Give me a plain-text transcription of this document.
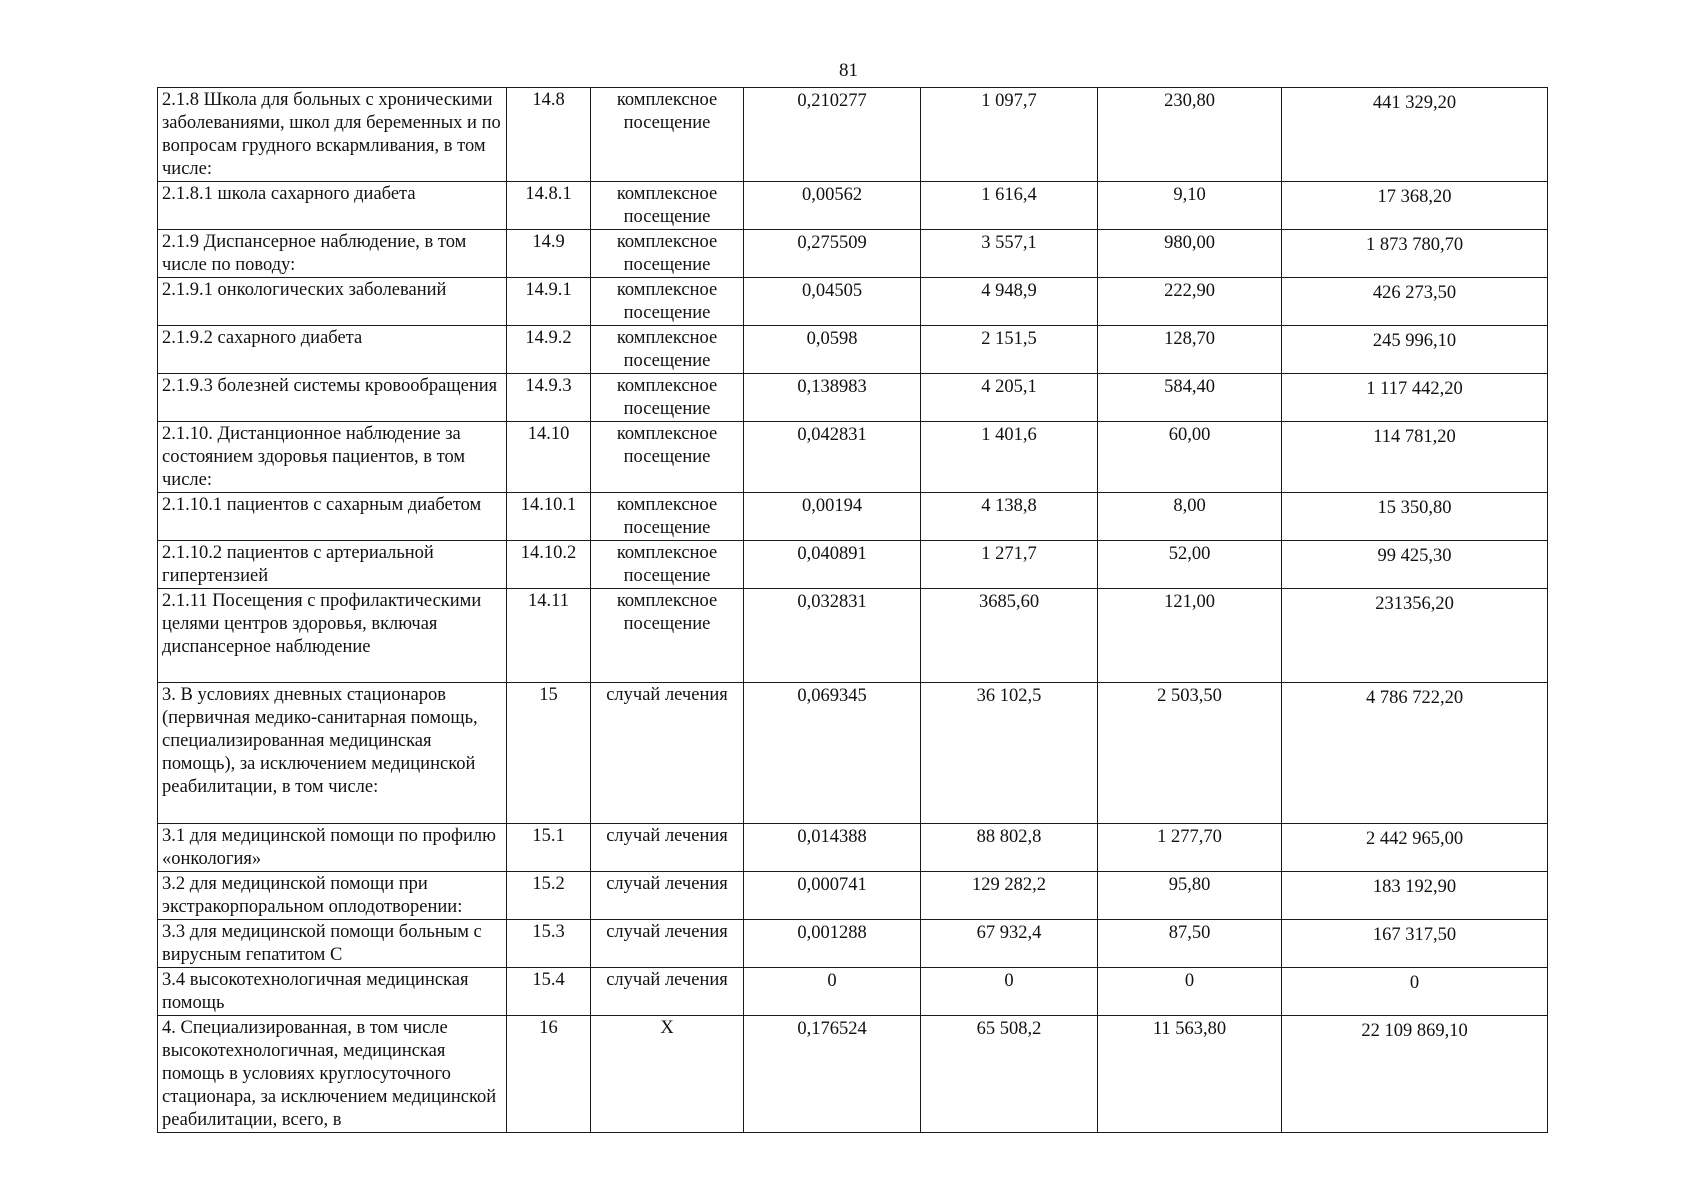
81
2.1.8 Школа для больных с хроническими заболеваниями, школ для беременных и по вопросам грудного вскармливания, в том числе:	14.8	комплексное посещение	0,210277	1 097,7	230,80	441 329,20
2.1.8.1 школа сахарного диабета	14.8.1	комплексное посещение	0,00562	1 616,4	9,10	17 368,20
2.1.9 Диспансерное наблюдение, в том числе по поводу:	14.9	комплексное посещение	0,275509	3 557,1	980,00	1 873 780,70
2.1.9.1 онкологических заболеваний	14.9.1	комплексное посещение	0,04505	4 948,9	222,90	426 273,50
2.1.9.2 сахарного диабета	14.9.2	комплексное посещение	0,0598	2 151,5	128,70	245 996,10
2.1.9.3 болезней системы кровообращения	14.9.3	комплексное посещение	0,138983	4 205,1	584,40	1 117 442,20
2.1.10. Дистанционное наблюдение за состоянием здоровья пациентов, в том числе:	14.10	комплексное посещение	0,042831	1 401,6	60,00	114 781,20
2.1.10.1 пациентов с сахарным диабетом	14.10.1	комплексное посещение	0,00194	4 138,8	8,00	15 350,80
2.1.10.2 пациентов с артериальной гипертензией	14.10.2	комплексное посещение	0,040891	1 271,7	52,00	99 425,30
2.1.11 Посещения с профилактическими целями центров здоровья, включая диспансерное наблюдение	14.11	комплексное посещение	0,032831	3685,60	121,00	231356,20
3. В условиях дневных стационаров (первичная медико-санитарная помощь, специализированная медицинская помощь), за исключением медицинской реабилитации, в том числе:	15	случай лечения	0,069345	36 102,5	2 503,50	4 786 722,20
3.1 для медицинской помощи по профилю «онкология»	15.1	случай лечения	0,014388	88 802,8	1 277,70	2 442 965,00
3.2 для медицинской помощи при экстракорпоральном оплодотворении:	15.2	случай лечения	0,000741	129 282,2	95,80	183 192,90
3.3 для медицинской помощи больным с вирусным гепатитом С	15.3	случай лечения	0,001288	67 932,4	87,50	167 317,50
3.4 высокотехнологичная медицинская помощь	15.4	случай лечения	0	0	0	0
4. Специализированная, в том числе высокотехнологичная, медицинская помощь в условиях круглосуточного стационара, за исключением медицинской реабилитации, всего, в	16	Х	0,176524	65 508,2	11 563,80	22 109 869,10
